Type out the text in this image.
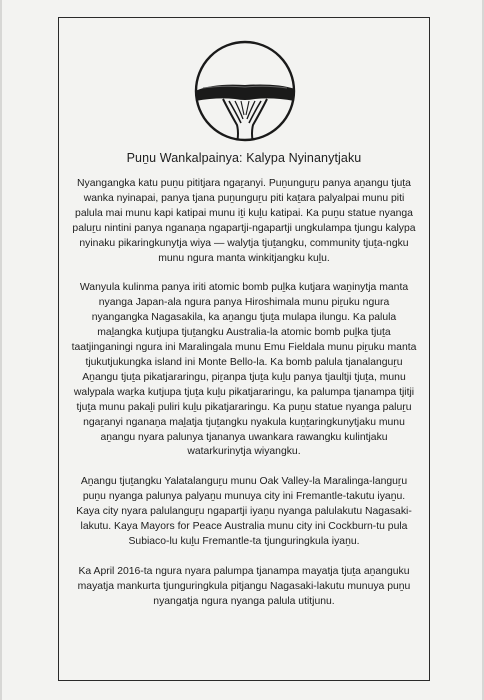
Puṉu Wankalpainya: Kalypa Nyinanytjaku

Nyangangka katu puṉu pititjara ngaṟanyi. Puṉunguṟu panya aṉangu tjuṯa wanka nyinapai, panya tjana puṉunguṟu piti kaṯara palyalpai munu piti palula mai munu kapi katipai munu iṯi kuḻu katipai. Ka puṉu statue nyanga paluṟu nintini panya nganaṉa ngapartji-ngapartji ungkulampa tjungu kalypa nyinaku pikaringkunytja wiya — walytja tjuṯangku, community tjuṯa-ngku munu ngura manta winkitjangku kuḻu.

Wanyula kulinma panya iriti atomic bomb puḻka kutjara waṉinytja manta nyanga Japan-ala ngura panya Hiroshimala munu piṟuku ngura nyangangka Nagasakila, ka aṉangu tjuṯa mulapa ilungu. Ka palula maḻangka kutjupa tjuṯangku Australia-la atomic bomb puḻka tjuṯa taatjinganingi ngura ini Maralingala munu Emu Fieldala munu piṟuku manta tjukutjukungka island ini Monte Bello-la. Ka bomb palula tjanalanguṟu Aṉangu tjuṯa pikatjararingu, piṟanpa tjuṯa kuḻu panya tjaultji tjuṯa, munu walypala waṟka kutjupa tjuṯa kuḻu pikatjararingu, ka palumpa tjanampa tjitji tjuṯa munu pakaḻi puliri kuḻu pikatjararingu. Ka puṉu statue nyanga paluṟu ngaṟanyi nganaṉa maḻatja tjuṯangku nyakula kuṉṯaringkunytjaku munu aṉangu nyara palunya tjananya uwankara rawangku kulintjaku watarkurinytja wiyangku.

Aṉangu tjuṯangku Yalatalanguṟu munu Oak Valley-la Maralinga-languṟu puṉu nyanga palunya palyaṉu munuya city ini Fremantle-takutu iyaṉu. Kaya city nyara palulanguṟu ngapartji iyaṉu nyanga palulakutu Nagasaki-lakutu. Kaya Mayors for Peace Australia munu city ini Cockburn-tu pula Subiaco-lu kuḻu Fremantle-ta tjunguringkula iyaṉu.

Ka April 2016-ta ngura nyara palumpa tjanampa mayatja tjuṯa aṉanguku mayatja mankurta tjunguringkula pitjangu Nagasaki-lakutu munuya puṉu nyangatja ngura nyanga palula utitjunu.
